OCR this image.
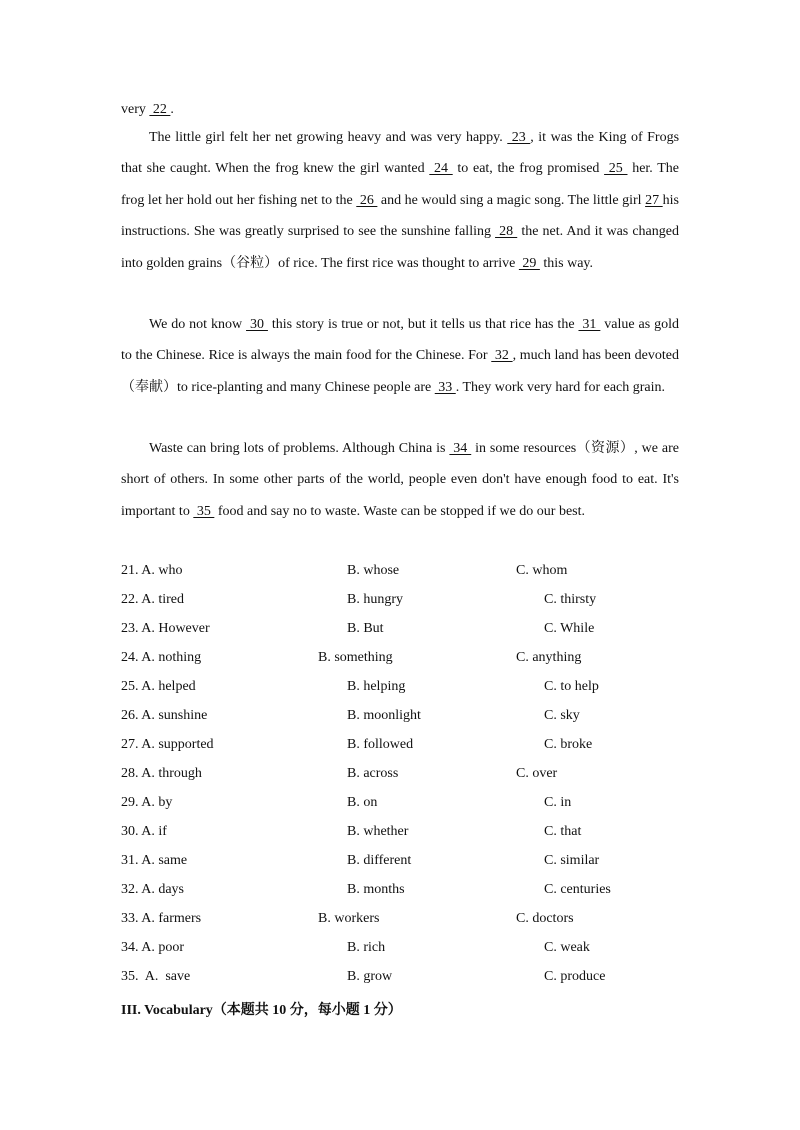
very  22 .

The little girl felt her net growing heavy and was very happy.  23 , it was the King of Frogs that she caught. When the frog knew the girl wanted  24  to eat, the frog promised  25  her. The frog let her hold out her fishing net to the  26  and he would sing a magic song. The little girl 27 his instructions. She was greatly surprised to see the sunshine falling  28  the net. And it was changed into golden grains（谷粒）of rice. The first rice was thought to arrive  29  this way.

We do not know  30  this story is true or not, but it tells us that rice has the  31  value as gold to the Chinese. Rice is always the main food for the Chinese. For  32 , much land has been devoted （奉献）to rice-planting and many Chinese people are  33 . They work very hard for each grain.

Waste can bring lots of problems. Although China is  34  in some resources（资源）, we are short of others. In some other parts of the world, people even don't have enough food to eat. It's important to  35  food and say no to waste. Waste can be stopped if we do our best.

21. A. who	B. whose	C. whom
22. A. tired	B. hungry	C. thirsty
23. A. However	B. But	C. While
24. A. nothing	B. something	C. anything
25. A. helped	B. helping	C. to help
26. A. sunshine	B. moonlight	C. sky
27. A. supported	B. followed	C. broke
28. A. through	B. across	C. over
29. A. by	B. on	C. in
30. A. if	B. whether	C. that
31. A. same	B. different	C. similar
32. A. days	B. months	C. centuries
33. A. farmers	B. workers	C. doctors
34. A. poor	B. rich	C. weak
35.  A.  save	B. grow	C. produce
III. Vocabulary（本题共 10 分，每小题 1 分）
